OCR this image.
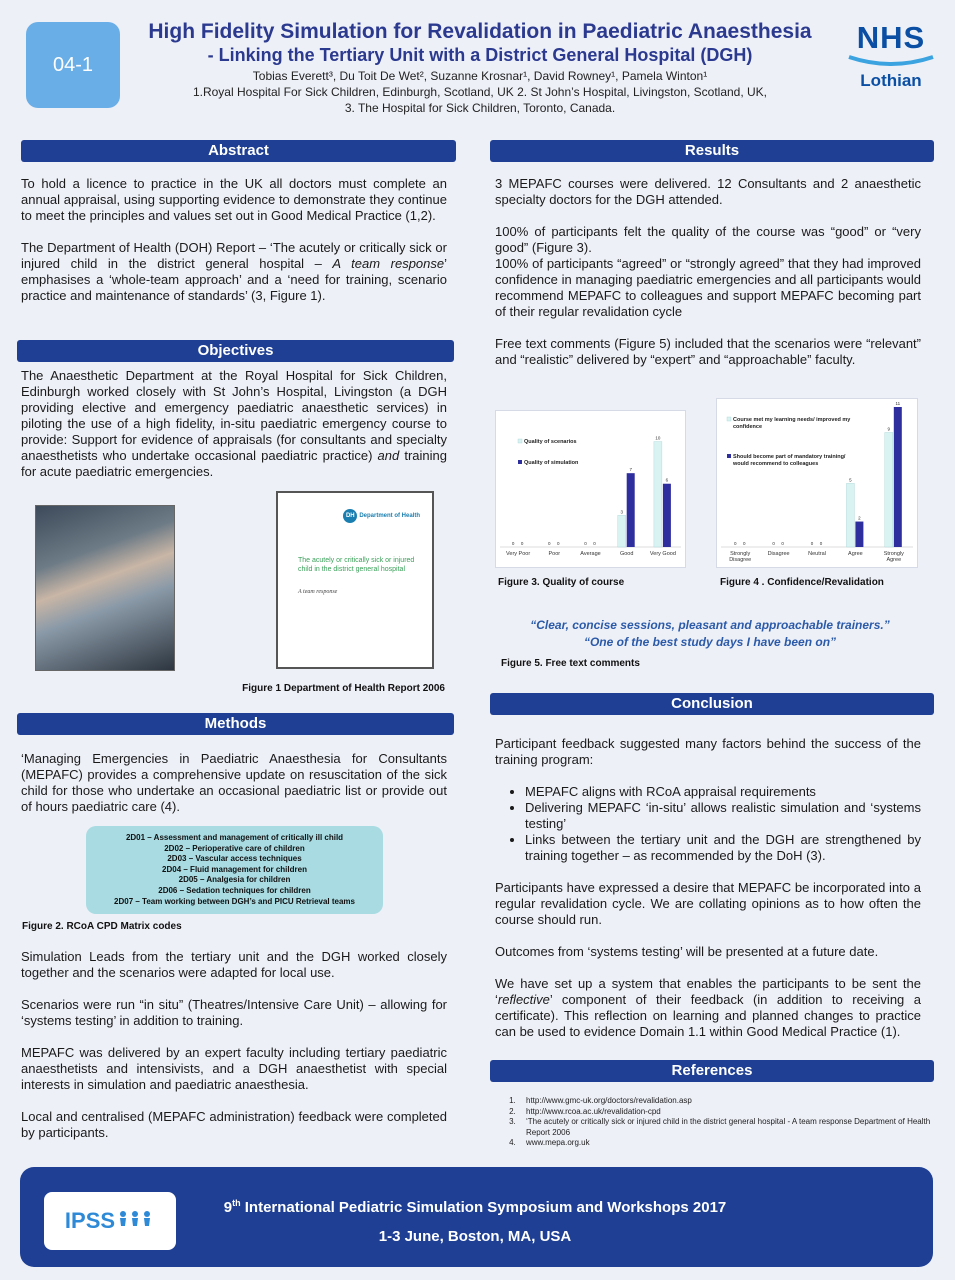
04-1
High Fidelity Simulation for Revalidation in Paediatric Anaesthesia
- Linking the Tertiary Unit with a District General Hospital (DGH)
Tobias Everett³, Du Toit De Wet², Suzanne Krosnar¹, David Rowney¹, Pamela Winton¹
1.Royal Hospital For Sick Children, Edinburgh, Scotland, UK 2. St John’s Hospital, Livingston, Scotland, UK,
3. The Hospital for Sick Children, Toronto, Canada.
NHS
Lothian
Abstract

To hold a licence to practice in the UK all doctors must complete an annual appraisal, using supporting evidence to demonstrate they continue to meet the principles and values set out in Good Medical Practice (1,2).

The Department of Health (DOH) Report – ‘The acutely or critically sick or injured child in the district general hospital – A team response’ emphasises a ‘whole-team approach’ and a ‘need for training, scenario practice and maintenance of standards’ (3, Figure 1).

Objectives

The Anaesthetic Department at the Royal Hospital for Sick Children, Edinburgh worked closely with St John’s Hospital, Livingston (a DGH providing elective and emergency paediatric anaesthetic services) in piloting the use of a high fidelity, in-situ paediatric emergency course to provide: Support for evidence of appraisals (for consultants and specialty anaesthetists who undertake occasional paediatric practice) and training for acute paediatric emergencies.

DH Department of Health
The acutely or critically sick or injured child in the district general hospital
A team response
Figure 1 Department of Health Report 2006
Methods
‘Managing Emergencies in Paediatric Anaesthesia for Consultants (MEPAFC) provides a comprehensive update on resuscitation of the sick child for those who undertake an occasional paediatric list or provide out of hours paediatric care (4).
2D01 – Assessment and management of critically ill child
2D02 – Perioperative care of children
2D03 – Vascular access techniques
2D04 – Fluid management for children
2D05 – Analgesia for children
2D06 – Sedation techniques for children
2D07 – Team working between DGH’s and PICU Retrieval teams
Figure 2. RCoA CPD Matrix codes

Simulation Leads from the tertiary unit and the DGH worked closely together and the scenarios were adapted for local use.

Scenarios were run “in situ” (Theatres/Intensive Care Unit) – allowing for ‘systems testing’ in addition to training.

MEPAFC was delivered by an expert faculty including tertiary paediatric anaesthetists and intensivists, and a DGH anaesthetist with special interests in simulation and paediatric anaesthesia.

Local and centralised (MEPAFC administration) feedback were completed by participants.

Results

3 MEPAFC courses were delivered. 12 Consultants and 2 anaesthetic specialty doctors for the DGH attended.

100% of participants felt the quality of the course was “good” or “very good” (Figure 3).

100% of participants “agreed” or “strongly agreed” that they had improved confidence in managing paediatric emergencies and all participants would recommend MEPAFC to colleagues and support MEPAFC becoming part of their regular revalidation cycle

Free text comments (Figure 5) included that the scenarios were “relevant” and “realistic” delivered by “expert” and “approachable” faculty.

Very Poor
0 0
Poor
0 0
Average
0 0
Good
3
7
Very Good
10
6
Quality of scenarios
Quality of simulation
Figure 3. Quality of course
Strongly
Disagree
0 0
Disagree
0 0
Neutral
0 0
Agree
5
2
Strongly
Agree
9
11
Course met my learning needs/ improved my
confidence
Should become part of mandatory training/
would recommend to colleagues
Figure 4 . Confidence/Revalidation
“Clear, concise sessions, pleasant and approachable trainers.”
“One of the best study days I have been on”
Figure 5. Free text comments
Conclusion

Participant feedback suggested many factors behind the success of the training program:

• MEPAFC aligns with RCoA appraisal requirements
• Delivering MEPAFC ‘in-situ’ allows realistic simulation and ‘systems testing’
• Links between the tertiary unit and the DGH are strengthened by training together – as recommended by the DoH (3).

Participants have expressed a desire that MEPAFC be incorporated into a regular revalidation cycle. We are collating opinions as to how often the course should run.

Outcomes from ‘systems testing’ will be presented at a future date.

We have set up a system that enables the participants to be sent the ‘reflective’ component of their feedback (in addition to receiving a certificate). This reflection on learning and planned changes to practice can be used to evidence Domain 1.1 within Good Medical Practice (1).

References
1. http://www.gmc-uk.org/doctors/revalidation.asp
2. http://www.rcoa.ac.uk/revalidation-cpd
3. ‘The acutely or critically sick or injured child in the district general hospital - A team response Department of Health Report 2006
4. www.mepa.org.uk
IPSS
9th International Pediatric Simulation Symposium and Workshops 2017
1-3 June, Boston, MA, USA
